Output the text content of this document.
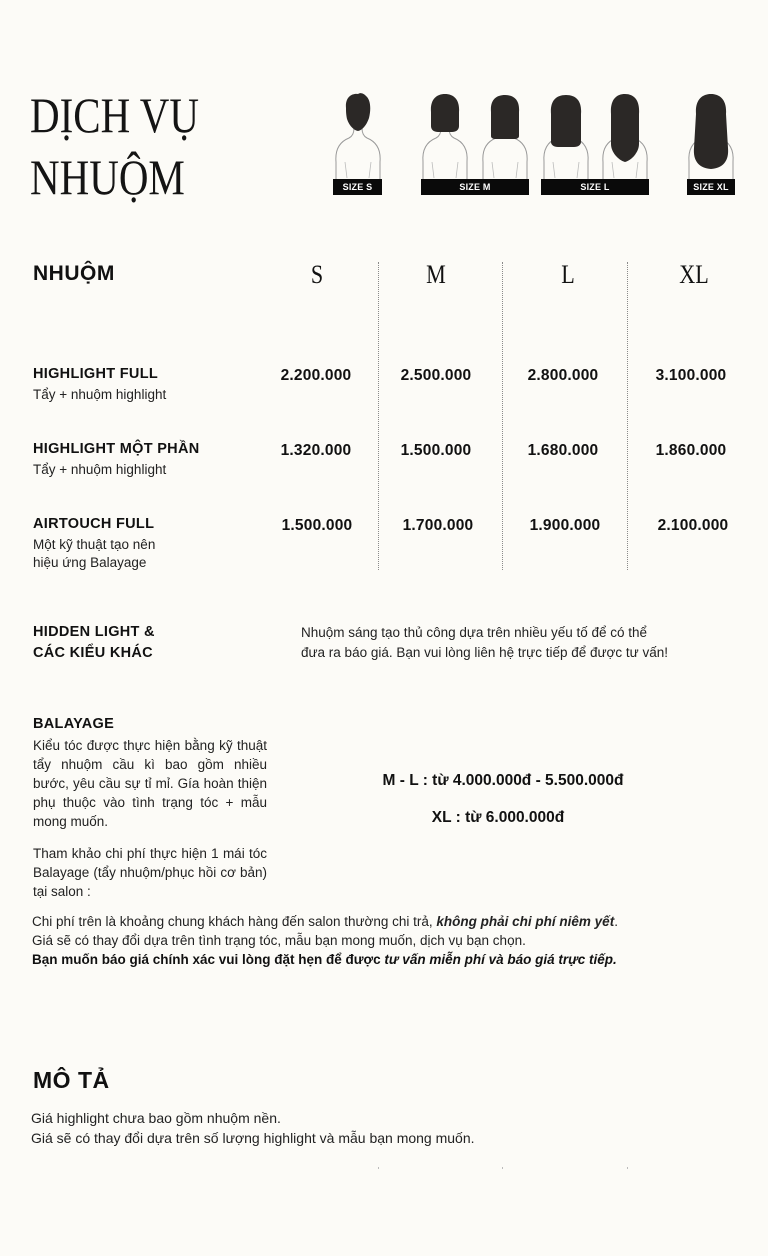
DỊCH VỤ
NHUỘM	SIZE S	SIZE M	SIZE L	SIZE XL
NHUỘM	S	M	L	XL
HIGHLIGHT FULL
Tẩy + nhuộm highlight
2.200.000	2.500.000	2.800.000	3.100.000
HIGHLIGHT MỘT PHẦN
Tẩy + nhuộm highlight
1.320.000	1.500.000	1.680.000	1.860.000
AIRTOUCH FULL
Một kỹ thuật tạo nên
hiệu ứng Balayage
1.500.000	1.700.000	1.900.000	2.100.000
HIDDEN LIGHT &
CÁC KIỂU KHÁC
Nhuộm sáng tạo thủ công dựa trên nhiều yếu tố để có thể
đưa ra báo giá. Bạn vui lòng liên hệ trực tiếp để được tư vấn!
BALAYAGE
Kiểu tóc được thực hiện bằng kỹ thuật tẩy nhuộm cầu kì bao gồm nhiều bước, yêu cầu sự tỉ mỉ. Gía hoàn thiện phụ thuộc vào tình trạng tóc + mẫu mong muốn.
Tham khảo chi phí thực hiện 1 mái tóc Balayage (tẩy nhuộm/phục hồi cơ bản) tại salon :
M - L : từ 4.000.000đ - 5.500.000đ
XL : từ 6.000.000đ
Chi phí trên là khoảng chung khách hàng đến salon thường chi trả, không phải chi phí niêm yết.
Giá sẽ có thay đổi dựa trên tình trạng tóc, mẫu bạn mong muốn, dịch vụ bạn chọn.
Bạn muốn báo giá chính xác vui lòng đặt hẹn để được tư vấn miễn phí và báo giá trực tiếp.
MÔ TẢ
Giá highlight chưa bao gồm nhuộm nền.
Giá sẽ có thay đổi dựa trên số lượng highlight và mẫu bạn mong muốn.
